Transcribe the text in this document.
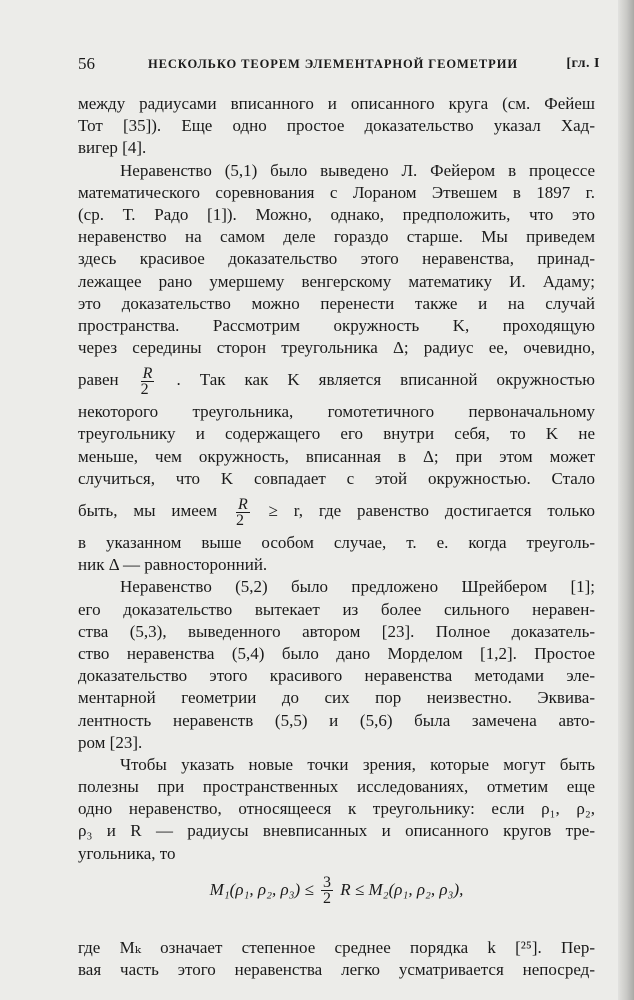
56	НЕСКОЛЬКО ТЕОРЕМ ЭЛЕМЕНТАРНОЙ ГЕОМЕТРИИ	[гл. I
между радиусами вписанного и описанного круга (см. Фейеш
Тот [35]). Еще одно простое доказательство указал Хад-
вигер [4].
Неравенство (5,1) было выведено Л. Фейером в процессе
математического соревнования с Лораном Этвешем в 1897 г.
(ср. Т. Радо [1]). Можно, однако, предположить, что это
неравенство на самом деле гораздо старше. Мы приведем
здесь красивое доказательство этого неравенства, принад-
лежащее рано умершему венгерскому математику И. Адаму;
это доказательство можно перенести также и на случай
пространства. Рассмотрим окружность K, проходящую
через середины сторон треугольника Δ; радиус ее, очевидно,
равен $\frac{R}{2}$ . Так как K является вписанной окружностью
некоторого треугольника, гомотетичного первоначальному
треугольнику и содержащего его внутри себя, то K не
меньше, чем окружность, вписанная в Δ; при этом может
случиться, что K совпадает с этой окружностью. Стало
быть, мы имеем $\frac{R}{2} \ge r$, где равенство достигается только
в указанном выше особом случае, т. е. когда треуголь-
ник Δ — равносторонний.
Неравенство (5,2) было предложено Шрейбером [1];
его доказательство вытекает из более сильного неравен-
ства (5,3), выведенного автором [23]. Полное доказатель-
ство неравенства (5,4) было дано Морделом [1,2]. Простое
доказательство этого красивого неравенства методами эле-
ментарной геометрии до сих пор неизвестно. Эквива-
лентность неравенств (5,5) и (5,6) была замечена авто-
ром [23].
Чтобы указать новые точки зрения, которые могут быть
полезны при пространственных исследованиях, отметим еще
одно неравенство, относящееся к треугольнику: если ρ₁, ρ₂,
ρ₃ и R — радиусы вневписанных и описанного кругов тре-
угольника, то
M₁(ρ₁, ρ₂, $\rho_3) \le \frac{3}{2}$ R ≤ M₂(ρ₁, ρ₂, ρ₃),
где Mₖ означает степенное среднее порядка k [²⁵]. Пер-
вая часть этого неравенства легко усматривается непосред-
